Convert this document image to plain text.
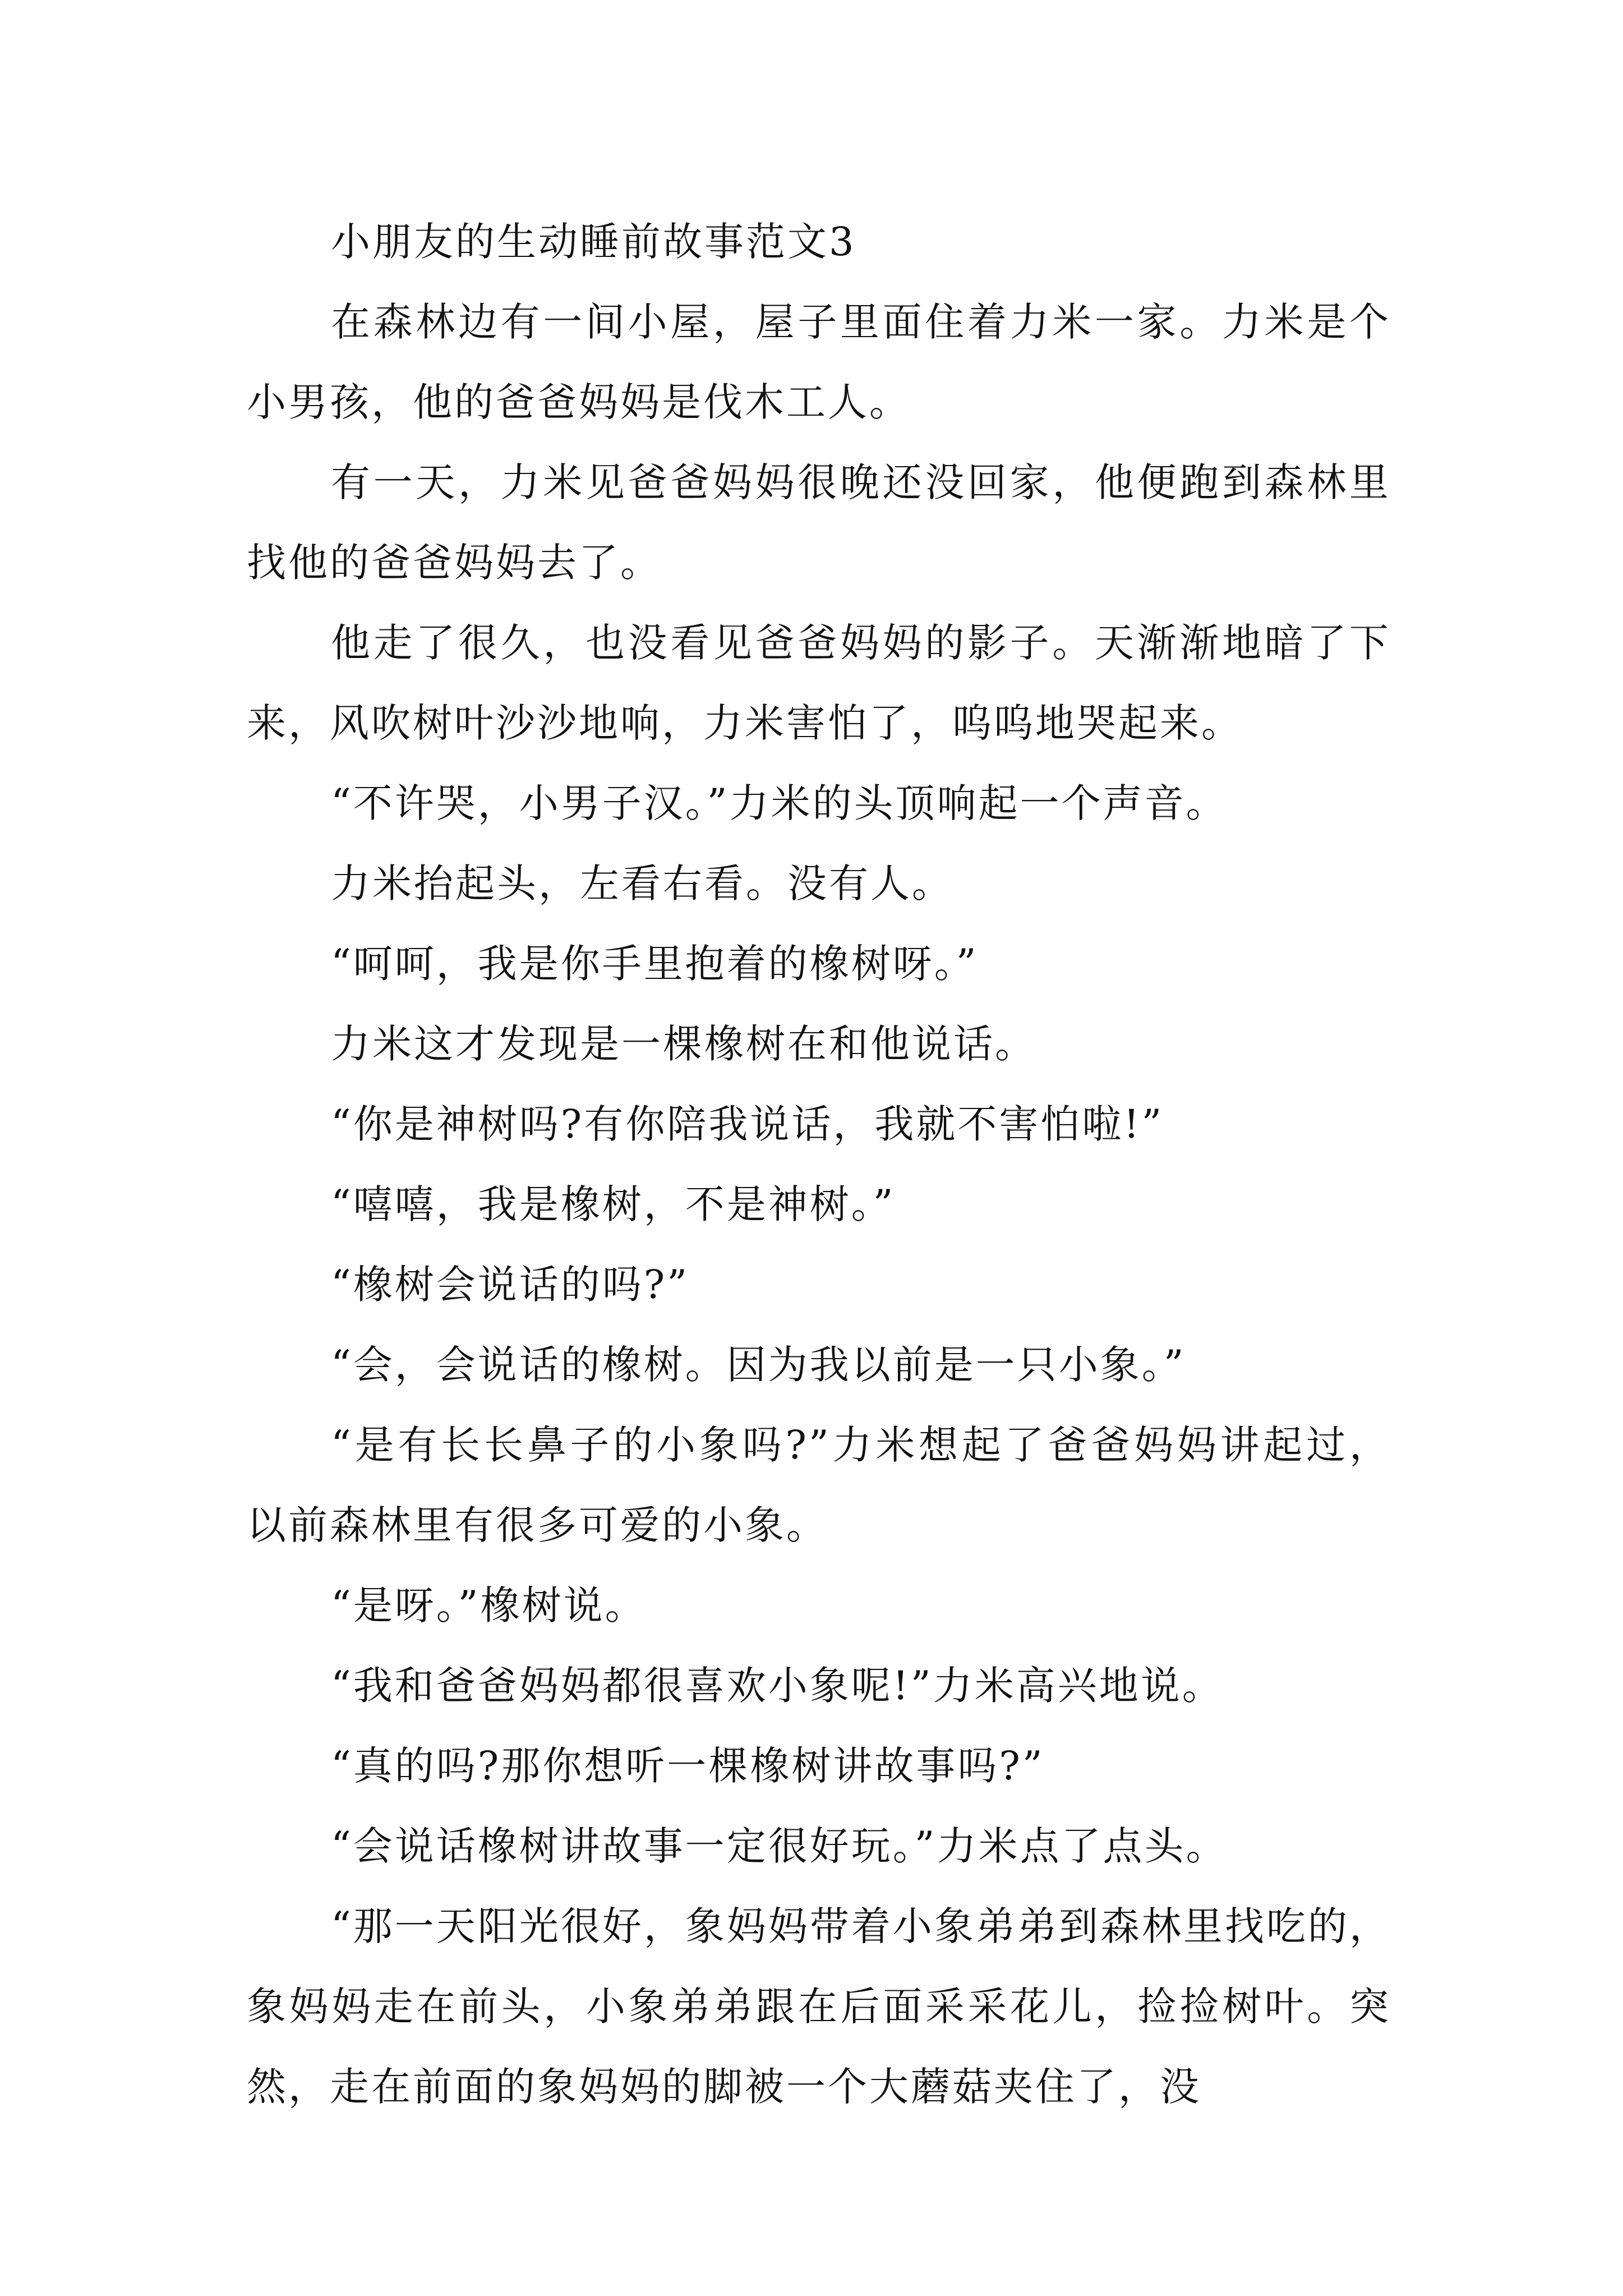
小朋友的生动睡前故事范文3

在森林边有一间小屋，屋子里面住着力米一家。力米是个小男孩，他的爸爸妈妈是伐木工人。

有一天，力米见爸爸妈妈很晚还没回家，他便跑到森林里找他的爸爸妈妈去了。

他走了很久，也没看见爸爸妈妈的影子。天渐渐地暗了下来，风吹树叶沙沙地响，力米害怕了，呜呜地哭起来。

“不许哭，小男子汉。”力米的头顶响起一个声音。

力米抬起头，左看右看。没有人。

“呵呵，我是你手里抱着的橡树呀。”

力米这才发现是一棵橡树在和他说话。

“你是神树吗?有你陪我说话，我就不害怕啦!”

“嘻嘻，我是橡树，不是神树。”

“橡树会说话的吗?”

“会，会说话的橡树。因为我以前是一只小象。”

“是有长长鼻子的小象吗?”力米想起了爸爸妈妈讲起过，以前森林里有很多可爱的小象。

“是呀。”橡树说。

“我和爸爸妈妈都很喜欢小象呢!”力米高兴地说。

“真的吗?那你想听一棵橡树讲故事吗?”

“会说话橡树讲故事一定很好玩。”力米点了点头。

“那一天阳光很好，象妈妈带着小象弟弟到森林里找吃的，象妈妈走在前头，小象弟弟跟在后面采采花儿，捡捡树叶。突然，走在前面的象妈妈的脚被一个大蘑菇夹住了，没
